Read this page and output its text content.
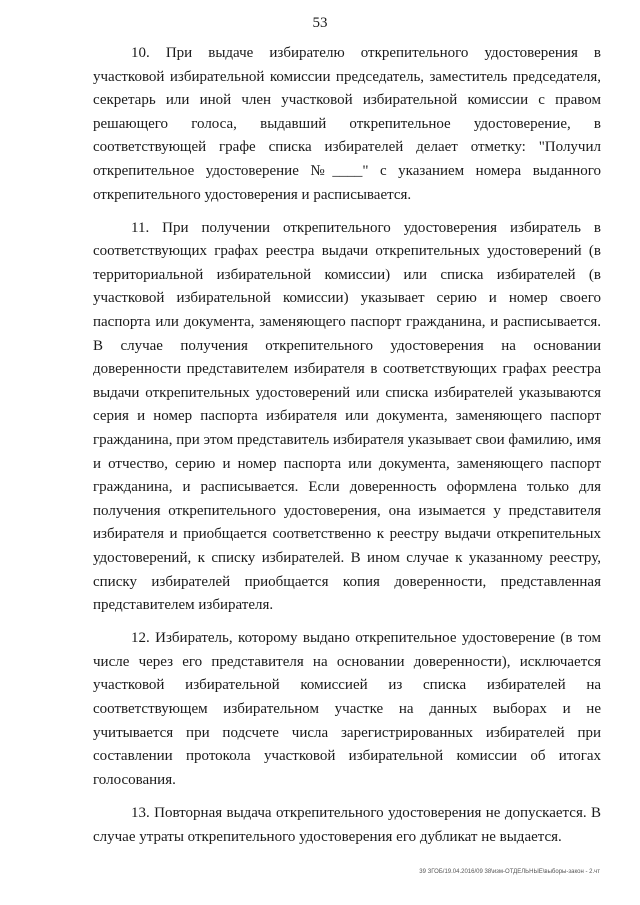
53

10. При выдаче избирателю открепительного удостоверения в участковой избирательной комиссии председатель, заместитель председателя, секретарь или иной член участковой избирательной комиссии с правом решающего голоса, выдавший открепительное удостоверение, в соответствующей графе списка избирателей делает отметку: "Получил открепительное удостоверение №____" с указанием номера выданного открепительного удостоверения и расписывается.

11. При получении открепительного удостоверения избиратель в соответствующих графах реестра выдачи открепительных удостоверений (в территориальной избирательной комиссии) или списка избирателей (в участковой избирательной комиссии) указывает серию и номер своего паспорта или документа, заменяющего паспорт гражданина, и расписывается. В случае получения открепительного удостоверения на основании доверенности представителем избирателя в соответствующих графах реестра выдачи открепительных удостоверений или списка избирателей указываются серия и номер паспорта избирателя или документа, заменяющего паспорт гражданина, при этом представитель избирателя указывает свои фамилию, имя и отчество, серию и номер паспорта или документа, заменяющего паспорт гражданина, и расписывается. Если доверенность оформлена только для получения открепительного удостоверения, она изымается у представителя избирателя и приобщается соответственно к реестру выдачи открепительных удостоверений, к списку избирателей. В ином случае к указанному реестру, списку избирателей приобщается копия доверенности, представленная представителем избирателя.

12. Избиратель, которому выдано открепительное удостоверение (в том числе через его представителя на основании доверенности), исключается участковой избирательной комиссией из списка избирателей на соответствующем избирательном участке на данных выборах и не учитывается при подсчете числа зарегистрированных избирателей при составлении протокола участковой избирательной комиссии об итогах голосования.

13. Повторная выдача открепительного удостоверения не допускается. В случае утраты открепительного удостоверения его дубликат не выдается.

39 ЗГОБ/19.04.2016/09 38\изм-ОТДЕЛЬНЫЕ\выборы-закон - 2.чт
